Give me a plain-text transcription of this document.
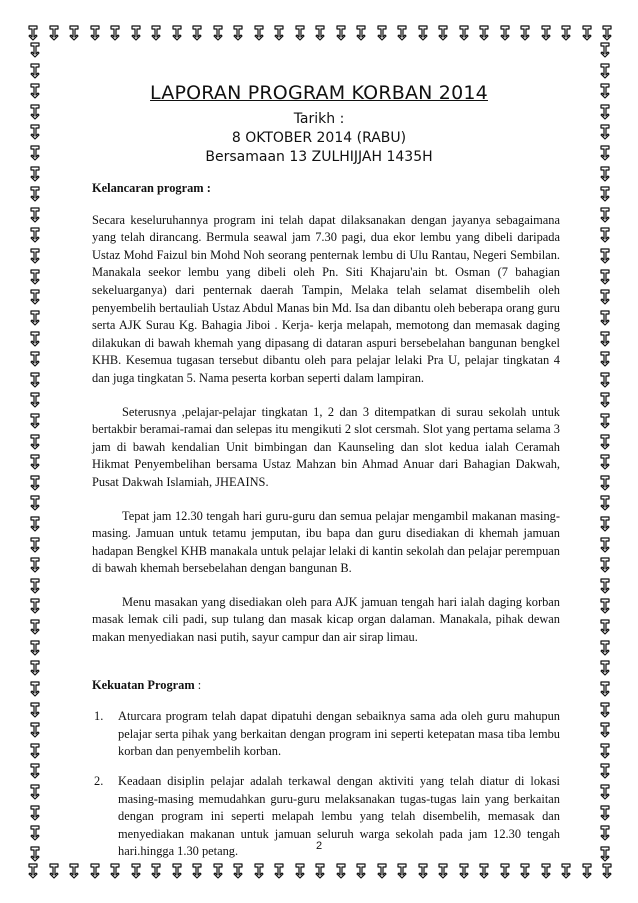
LAPORAN PROGRAM KORBAN 2014
Tarikh :
8 OKTOBER 2014 (RABU)
Bersamaan 13 ZULHIJJAH 1435H
Kelancaran program :

Secara keseluruhannya program ini telah dapat dilaksanakan dengan jayanya sebagaimana yang telah dirancang. Bermula seawal jam 7.30 pagi, dua ekor lembu yang dibeli daripada Ustaz Mohd Faizul bin Mohd Noh seorang penternak lembu di Ulu Rantau, Negeri Sembilan. Manakala seekor lembu yang dibeli oleh Pn. Siti Khajaru'ain bt. Osman (7 bahagian sekeluarganya) dari penternak daerah Tampin, Melaka telah selamat disembelih oleh penyembelih bertauliah Ustaz Abdul Manas bin Md. Isa dan dibantu oleh beberapa orang guru serta AJK Surau Kg. Bahagia Jiboi . Kerja- kerja melapah, memotong dan memasak daging dilakukan di bawah khemah yang dipasang di dataran aspuri bersebelahan bangunan bengkel KHB. Kesemua tugasan tersebut dibantu oleh para pelajar lelaki Pra U, pelajar tingkatan 4 dan juga tingkatan 5. Nama peserta korban seperti dalam lampiran.

Seterusnya ,pelajar-pelajar tingkatan 1, 2 dan 3 ditempatkan di surau sekolah untuk bertakbir beramai-ramai dan selepas itu mengikuti 2 slot cersmah. Slot yang pertama selama 3 jam di bawah kendalian Unit bimbingan dan Kaunseling dan slot kedua ialah Ceramah Hikmat Penyembelihan bersama Ustaz Mahzan bin Ahmad Anuar dari Bahagian Dakwah, Pusat Dakwah Islamiah, JHEAINS.

Tepat jam 12.30 tengah hari guru-guru dan semua pelajar mengambil makanan masing-masing. Jamuan untuk tetamu jemputan, ibu bapa dan guru disediakan di khemah jamuan hadapan Bengkel KHB manakala untuk pelajar lelaki di kantin sekolah dan pelajar perempuan di bawah khemah bersebelahan dengan bangunan B.

Menu masakan yang disediakan oleh para AJK jamuan tengah hari ialah daging korban masak lemak cili padi, sup tulang dan masak kicap organ dalaman. Manakala, pihak dewan makan menyediakan nasi putih, sayur campur dan air sirap limau.

Kekuatan Program :
1.	Aturcara program telah dapat dipatuhi dengan sebaiknya sama ada oleh guru mahupun pelajar serta pihak yang berkaitan dengan program ini seperti ketepatan masa tiba lembu korban dan penyembelih korban.
2.	Keadaan disiplin pelajar adalah terkawal dengan aktiviti yang telah diatur di lokasi masing-masing memudahkan guru-guru melaksanakan tugas-tugas lain yang berkaitan dengan program ini seperti melapah lembu yang telah disembelih, memasak dan menyediakan makanan untuk jamuan seluruh warga sekolah pada jam 12.30 tengah hari.hingga 1.30 petang.	2
